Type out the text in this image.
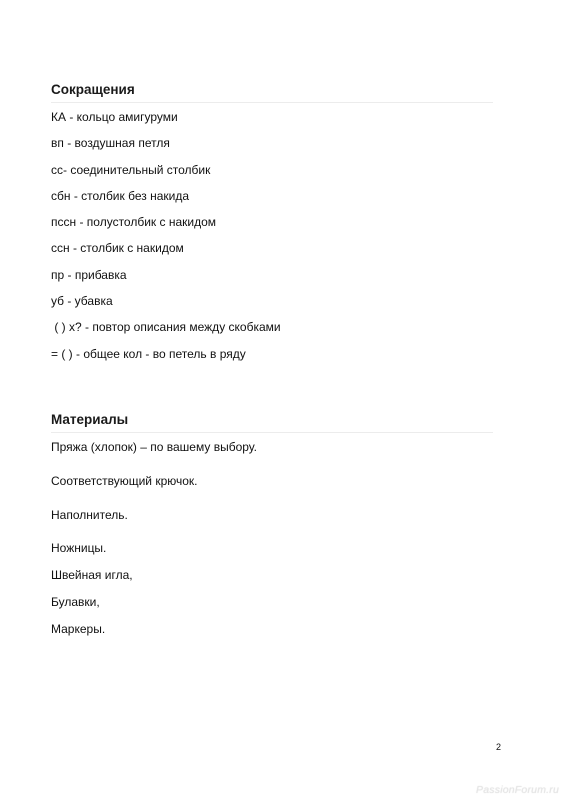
Сокращения
КА - кольцо амигуруми
вп - воздушная петля
сс- соединительный столбик
сбн - столбик без накида
пссн - полустолбик с накидом
ссн - столбик с накидом
пр - прибавка
уб - убавка
( ) х? - повтор описания между скобками
= ( ) - общее кол - во петель в ряду
Материалы
Пряжа (хлопок) – по вашему выбору.
Соответствующий крючок.
Наполнитель.
Ножницы.
Швейная игла,
Булавки,
Маркеры.
2
PassionForum.ru
